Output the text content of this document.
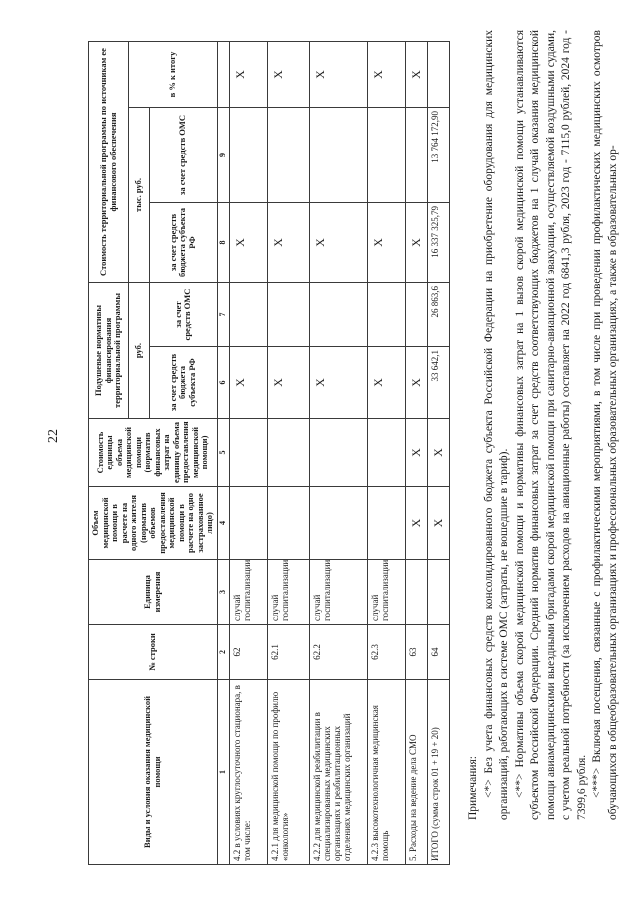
22
Виды и условия оказания медицинской помощи	№ строки	Единица измерения	Объем медицинской помощи в расчете на одного жителя (норматив объемов предоставления медицинской помощи в расчете на одно застрахованное лицо)	Стоимость единицы объема медицинской помощи (норматив финансовых затрат на единицу объема предоставления медицинской помощи)	Подушевые нормативы финансирования территориальной программы		Стоимость территориальной программы по источникам ее финансового обеспечения		
					руб.		тыс. руб.		в % к итогу
					за счет средств бюджета субъекта РФ	за счет средств ОМС	за счет средств бюджета субъекта РФ	за счет средств ОМС	
1	2	3	4	5	6	7	8	9	
4.2 в условиях круглосуточного стационара, в том числе:	62	случай госпитализации			X		X		X
4.2.1 для медицинской помощи по профилю «онкология»	62.1	случай госпитализации			X		X		X
4.2.2 для медицинской реабилитации в специализированных медицинских организациях и реабилитационных отделениях медицинских организаций	62.2	случай госпитализации			X		X		X
4.2.3 высокотехнологичная медицинская помощь	62.3	случай госпитализации			X		X		X
5. Расходы на ведение дела СМО	63		X	X	X		X		X
ИТОГО (сумма строк 01 + 19 + 20)	64		X	X	33 642,1	26 863,6	16 337 325,79	13 764 172,90	

Примечания: <*> Без учета финансовых средств консолидированного бюджета субъекта Российской Федерации на приобретение оборудования для медицинских организаций, работающих в системе ОМС (затраты, не вошедшие в тариф). <**> Нормативы объема скорой медицинской помощи и нормативы финансовых затрат на 1 вызов скорой медицинской помощи устанавливаются субъектом Российской Федерации. Средний норматив финансовых затрат за счет средств соответствующих бюджетов на 1 случай оказания медицинской помощи авиамедицинскими выездными бригадами скорой медицинской помощи при санитарно-авиационной эвакуации, осуществляемой воздушными судами, с учетом реальной потребности (за исключением расходов на авиационные работы) составляет на 2022 год 6841,3 рубля, 2023 год - 7115,0 рублей, 2024 год - 7399,6 рубля. <***> Включая посещения, связанные с профилактическими мероприятиями, в том числе при проведении профилактических медицинских осмотров обучающихся в общеобразовательных организациях и профессиональных образовательных организациях, а также в образовательных ор-
